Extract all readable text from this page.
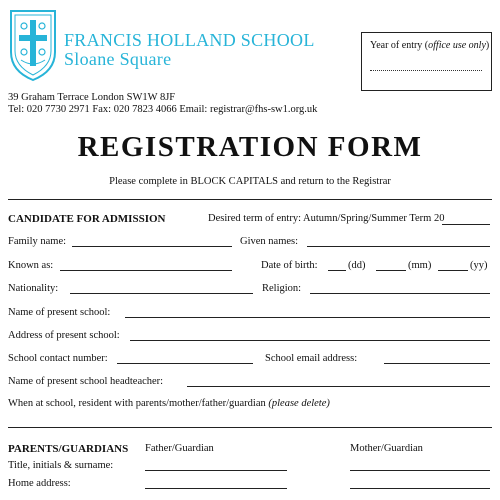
FRANCIS HOLLAND SCHOOL
Sloane Square
39 Graham Terrace London SW1W 8JF
Tel: 020 7730 2971 Fax: 020 7823 4066 Email: registrar@fhs-sw1.org.uk
Year of entry (office use only)
REGISTRATION FORM
Please complete in BLOCK CAPITALS and return to the Registrar
CANDIDATE FOR ADMISSION	Desired term of entry: Autumn/Spring/Summer Term 20
Family name:	Given names:
Known as:	Date of birth:	(dd)	(mm)	(yy)
Nationality:	Religion:
Name of present school:
Address of present school:
School contact number:	School email address:
Name of present school headteacher:
When at school, resident with parents/mother/father/guardian (please delete)
PARENTS/GUARDIANS Father/Guardian	Mother/Guardian
Title, initials & surname:
Home address:
